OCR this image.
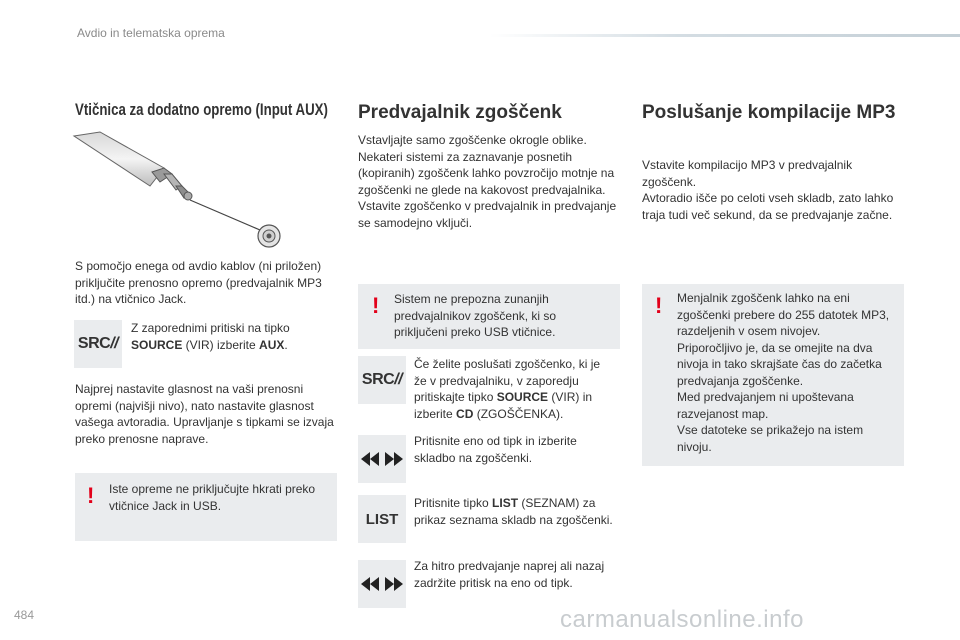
Avdio in telematska oprema
Vtičnica za dodatno opremo (Input AUX)
S pomočjo enega od avdio kablov (ni priložen) priključite prenosno opremo (predvajalnik MP3 itd.) na vtičnico Jack.
SRC//
Z zaporednimi pritiski na tipko SOURCE (VIR) izberite AUX.
Najprej nastavite glasnost na vaši prenosni opremi (najvišji nivo), nato nastavite glasnost vašega avtoradia. Upravljanje s tipkami se izvaja preko prenosne naprave.
! Iste opreme ne priključujte hkrati preko vtičnice Jack in USB.
Predvajalnik zgoščenk
Vstavljajte samo zgoščenke okrogle oblike.
Nekateri sistemi za zaznavanje posnetih (kopiranih) zgoščenk lahko povzročijo motnje na zgoščenki ne glede na kakovost predvajalnika.
Vstavite zgoščenko v predvajalnik in predvajanje se samodejno vključi.
! Sistem ne prepozna zunanjih predvajalnikov zgoščenk, ki so priključeni preko USB vtičnice.
SRC//
Če želite poslušati zgoščenko, ki je že v predvajalniku, v zaporedju pritiskajte tipko SOURCE (VIR) in izberite CD (ZGOŠČENKA).
Pritisnite eno od tipk in izberite skladbo na zgoščenki.
LIST
Pritisnite tipko LIST (SEZNAM) za prikaz seznama skladb na zgoščenki.
Za hitro predvajanje naprej ali nazaj zadržite pritisk na eno od tipk.
Poslušanje kompilacije MP3
Vstavite kompilacijo MP3 v predvajalnik zgoščenk.
Avtoradio išče po celoti vseh skladb, zato lahko traja tudi več sekund, da se predvajanje začne.
! Menjalnik zgoščenk lahko na eni zgoščenki prebere do 255 datotek MP3, razdeljenih v osem nivojev.
Priporočljivo je, da se omejite na dva nivoja in tako skrajšate čas do začetka predvajanja zgoščenke.
Med predvajanjem ni upoštevana razvejanost map.
Vse datoteke se prikažejo na istem nivoju.
484	carmanualsonline.info
